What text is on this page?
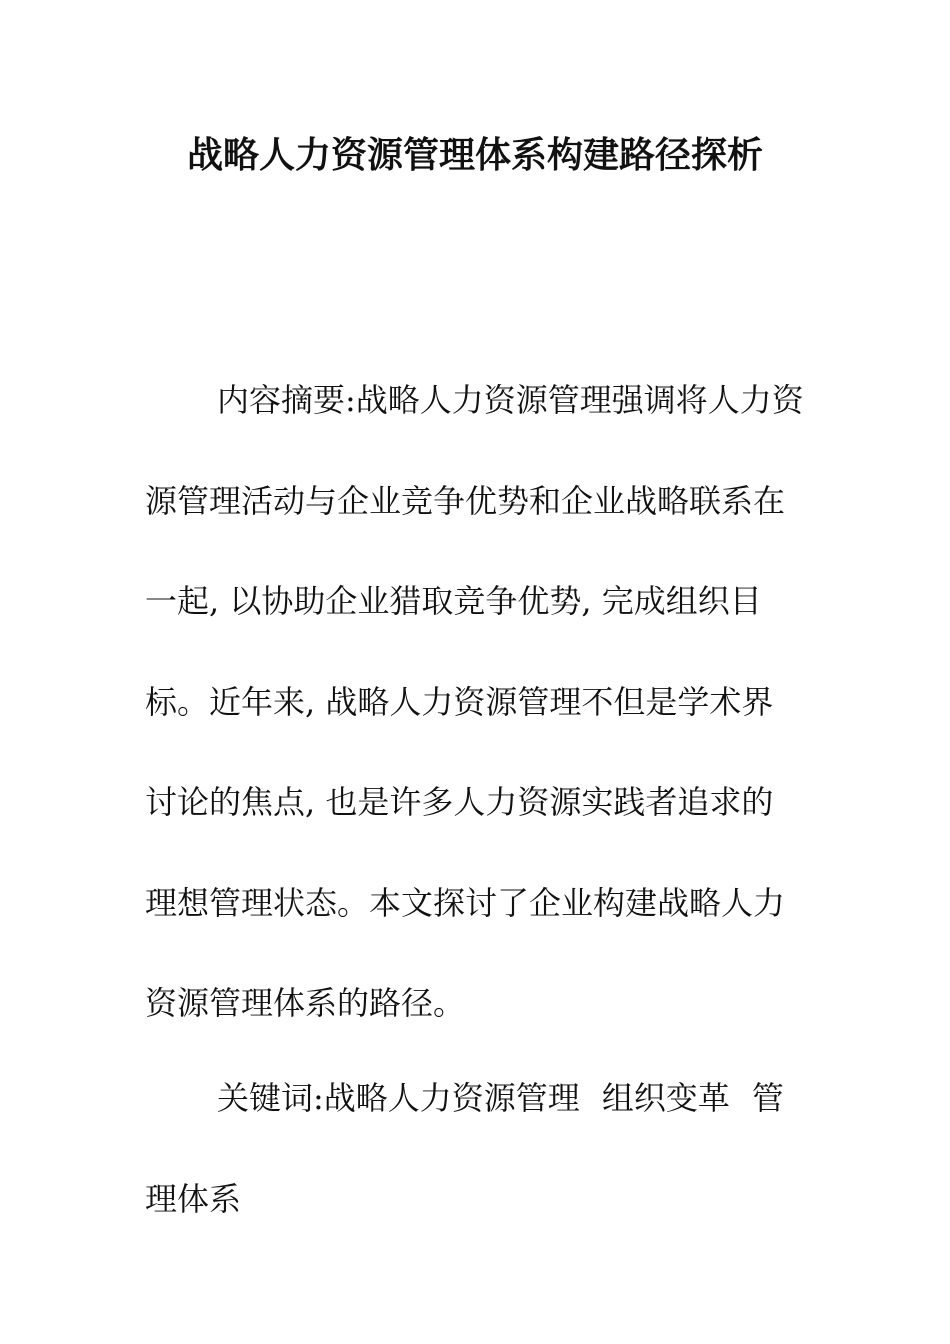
战略人力资源管理体系构建路径探析

内容摘要:战略人力资源管理强调将人力资源管理活动与企业竞争优势和企业战略联系在一起, 以协助企业猎取竞争优势, 完成组织目标。近年来, 战略人力资源管理不但是学术界讨论的焦点, 也是许多人力资源实践者追求的理想管理状态。本文探讨了企业构建战略人力资源管理体系的路径。

关键词:战略人力资源管理 组织变革 管理体系
